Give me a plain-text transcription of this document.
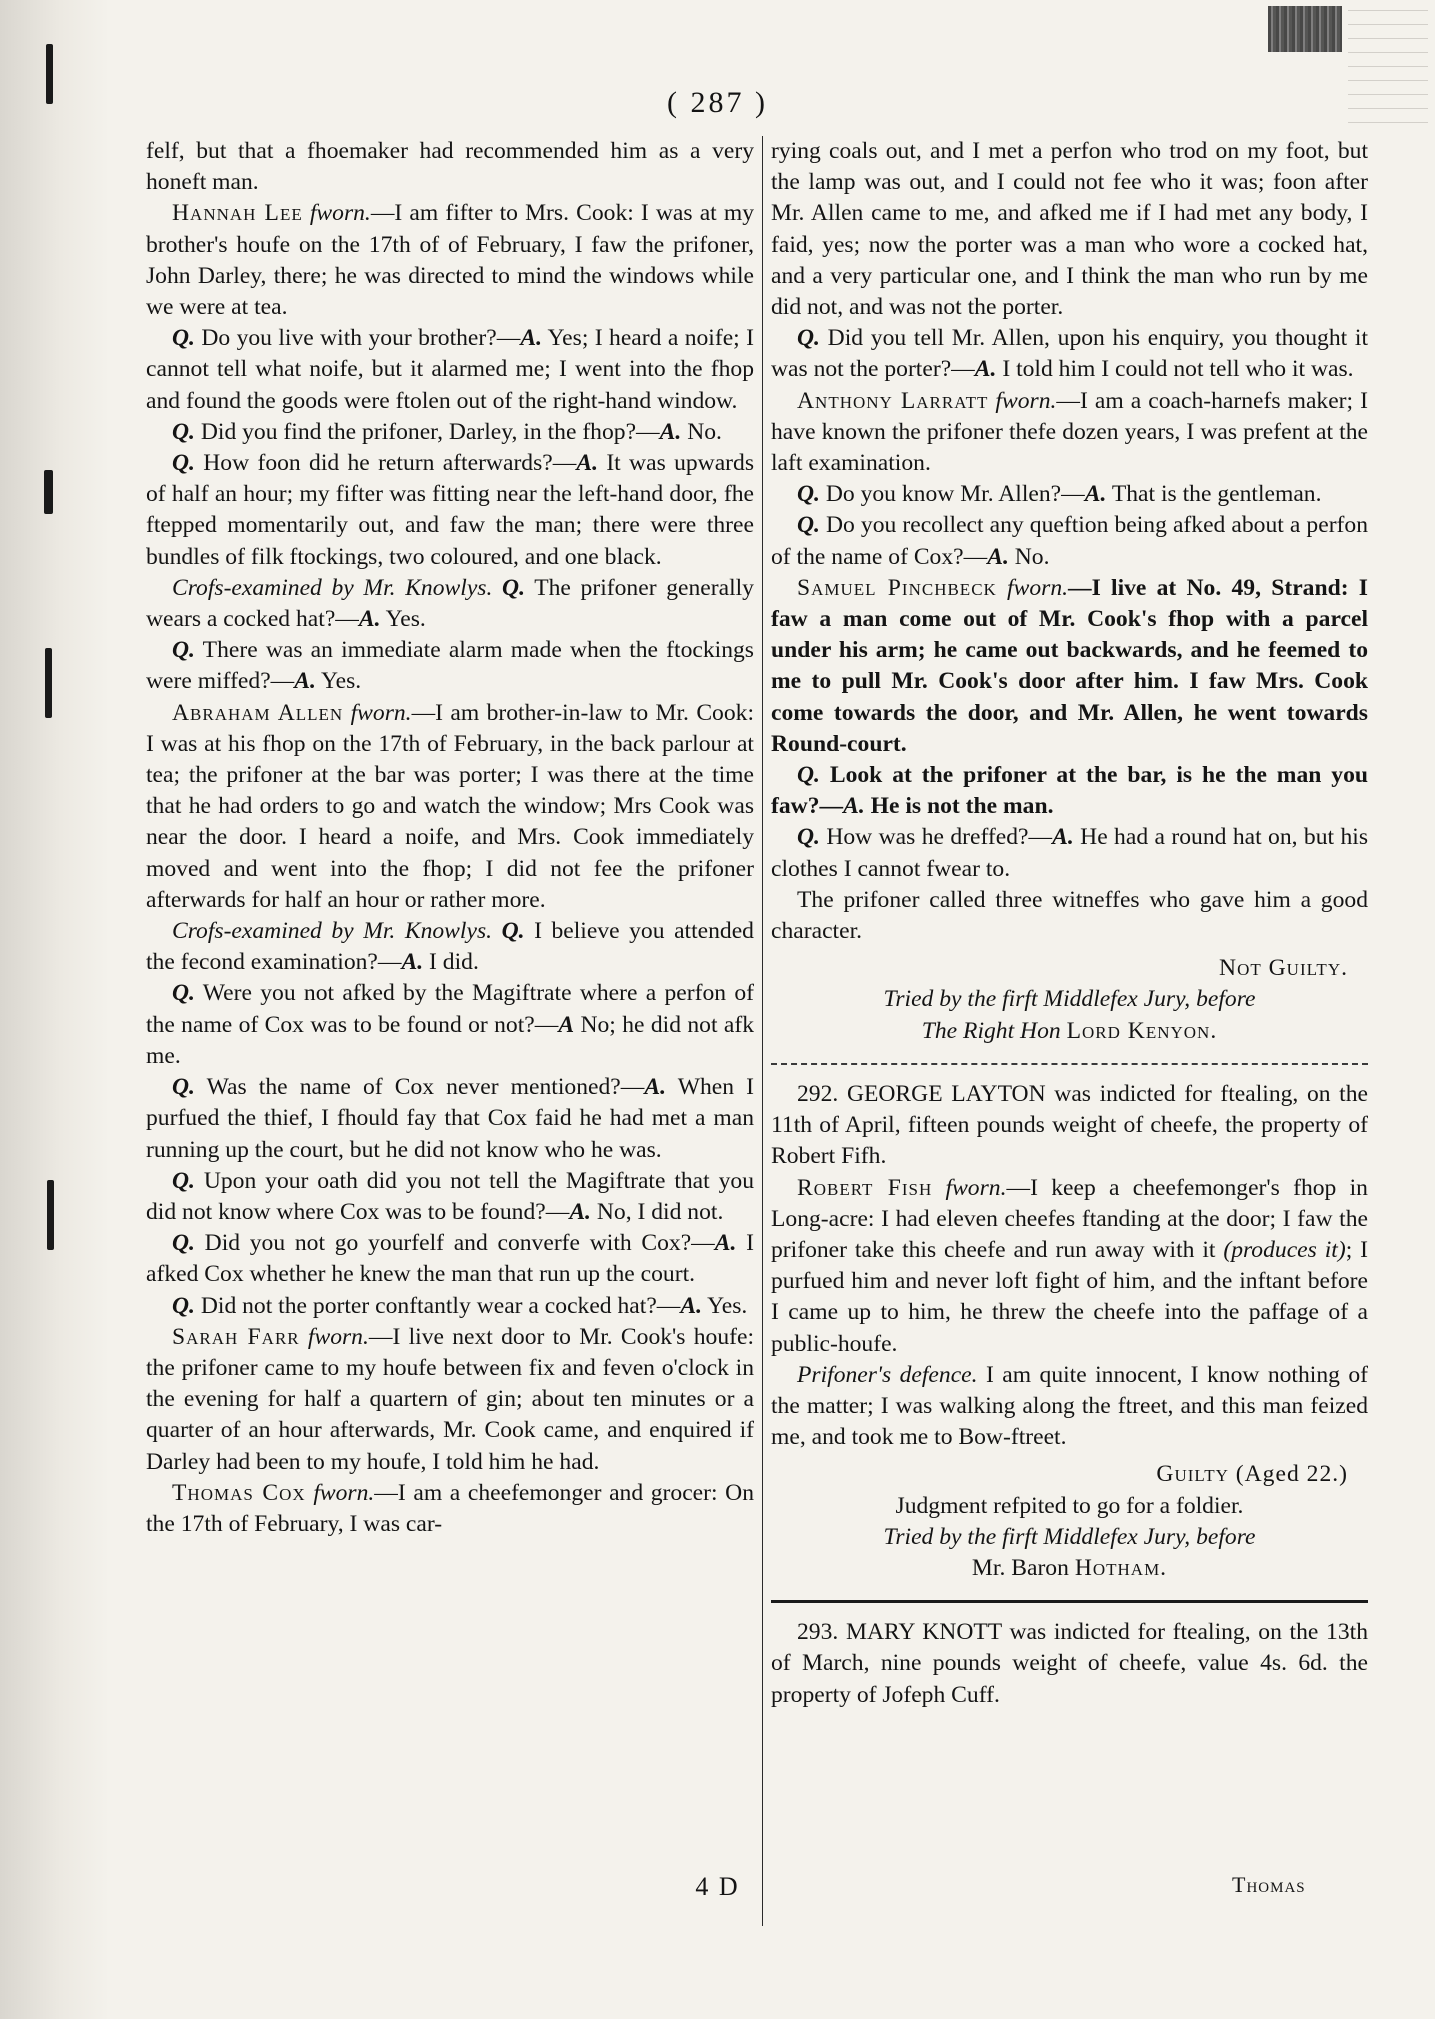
( 287 )

felf, but that a fhoemaker had recommended him as a very honeft man.

Hannah Lee fworn.—I am fifter to Mrs. Cook: I was at my brother's houfe on the 17th of of February, I faw the prifoner, John Darley, there; he was directed to mind the windows while we were at tea.

Q. Do you live with your brother?—A. Yes; I heard a noife; I cannot tell what noife, but it alarmed me; I went into the fhop and found the goods were ftolen out of the right-hand window.

Q. Did you find the prifoner, Darley, in the fhop?—A. No.

Q. How foon did he return afterwards?—A. It was upwards of half an hour; my fifter was fitting near the left-hand door, fhe ftepped momentarily out, and faw the man; there were three bundles of filk ftockings, two coloured, and one black.

Crofs-examined by Mr. Knowlys. Q. The prifoner generally wears a cocked hat?—A. Yes.

Q. There was an immediate alarm made when the ftockings were miffed?—A. Yes.

Abraham Allen fworn.—I am brother-in-law to Mr. Cook: I was at his fhop on the 17th of February, in the back parlour at tea; the prifoner at the bar was porter; I was there at the time that he had orders to go and watch the window; Mrs Cook was near the door. I heard a noife, and Mrs. Cook immediately moved and went into the fhop; I did not fee the prifoner afterwards for half an hour or rather more.

Crofs-examined by Mr. Knowlys. Q. I believe you attended the fecond examination?—A. I did.

Q. Were you not afked by the Magiftrate where a perfon of the name of Cox was to be found or not?—A No; he did not afk me.

Q. Was the name of Cox never mentioned?—A. When I purfued the thief, I fhould fay that Cox faid he had met a man running up the court, but he did not know who he was.

Q. Upon your oath did you not tell the Magiftrate that you did not know where Cox was to be found?—A. No, I did not.

Q. Did you not go yourfelf and converfe with Cox?—A. I afked Cox whether he knew the man that run up the court.

Q. Did not the porter conftantly wear a cocked hat?—A. Yes.

Sarah Farr fworn.—I live next door to Mr. Cook's houfe: the prifoner came to my houfe between fix and feven o'clock in the evening for half a quartern of gin; about ten minutes or a quarter of an hour afterwards, Mr. Cook came, and enquired if Darley had been to my houfe, I told him he had.

Thomas Cox fworn.—I am a cheefemonger and grocer: On the 17th of February, I was car-

rying coals out, and I met a perfon who trod on my foot, but the lamp was out, and I could not fee who it was; foon after Mr. Allen came to me, and afked me if I had met any body, I faid, yes; now the porter was a man who wore a cocked hat, and a very particular one, and I think the man who run by me did not, and was not the porter.

Q. Did you tell Mr. Allen, upon his enquiry, you thought it was not the porter?—A. I told him I could not tell who it was.

Anthony Larratt fworn.—I am a coach-harnefs maker; I have known the prifoner thefe dozen years, I was prefent at the laft examination.

Q. Do you know Mr. Allen?—A. That is the gentleman.

Q. Do you recollect any queftion being afked about a perfon of the name of Cox?—A. No.

Samuel Pinchbeck fworn.—I live at No. 49, Strand: I faw a man come out of Mr. Cook's fhop with a parcel under his arm; he came out backwards, and he feemed to me to pull Mr. Cook's door after him. I faw Mrs. Cook come towards the door, and Mr. Allen, he went towards Round-court.

Q. Look at the prifoner at the bar, is he the man you faw?—A. He is not the man.

Q. How was he dreffed?—A. He had a round hat on, but his clothes I cannot fwear to.

The prifoner called three witneffes who gave him a good character.

Not Guilty.

Tried by the firft Middlefex Jury, before

The Right Hon Lord Kenyon.

292. GEORGE LAYTON was indicted for ftealing, on the 11th of April, fifteen pounds weight of cheefe, the property of Robert Fifh.

Robert Fish fworn.—I keep a cheefemonger's fhop in Long-acre: I had eleven cheefes ftanding at the door; I faw the prifoner take this cheefe and run away with it (produces it); I purfued him and never loft fight of him, and the inftant before I came up to him, he threw the cheefe into the paffage of a public-houfe.

Prifoner's defence. I am quite innocent, I know nothing of the matter; I was walking along the ftreet, and this man feized me, and took me to Bow-ftreet.

Guilty (Aged 22.)

Judgment refpited to go for a foldier.

Tried by the firft Middlefex Jury, before

Mr. Baron Hotham.

293. MARY KNOTT was indicted for ftealing, on the 13th of March, nine pounds weight of cheefe, value 4s. 6d. the property of Jofeph Cuff.

4 D	Thomas
